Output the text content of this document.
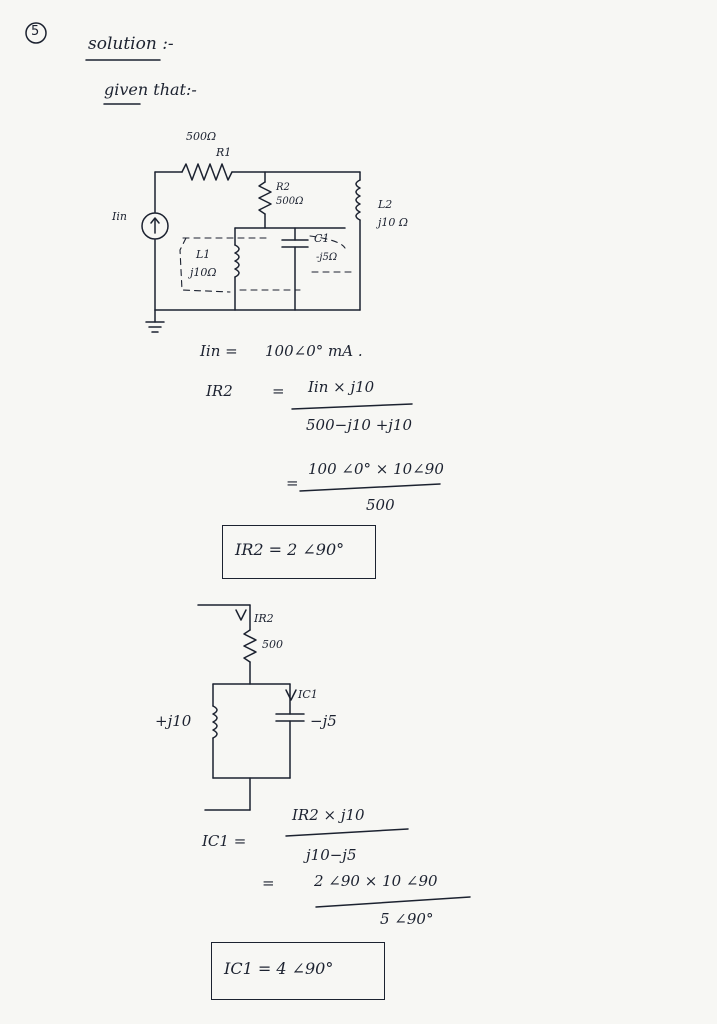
5
solution :-
given that:-
500Ω
R1
R2
500Ω	L2
j10 Ω
Iin
C1
-j5Ω
L1
j10Ω
Iin = 100∠0° mA .
IR2	= Iin × j10
500−j10 +j10
=
100 ∠0° × 10∠90
500
IR2 = 2 ∠90°
IR2
500
+j10
IC1
−j5
IC1 =
IR2 × j10
j10−j5
=	2 ∠90 × 10 ∠90
5 ∠90°
IC1 = 4 ∠90°
